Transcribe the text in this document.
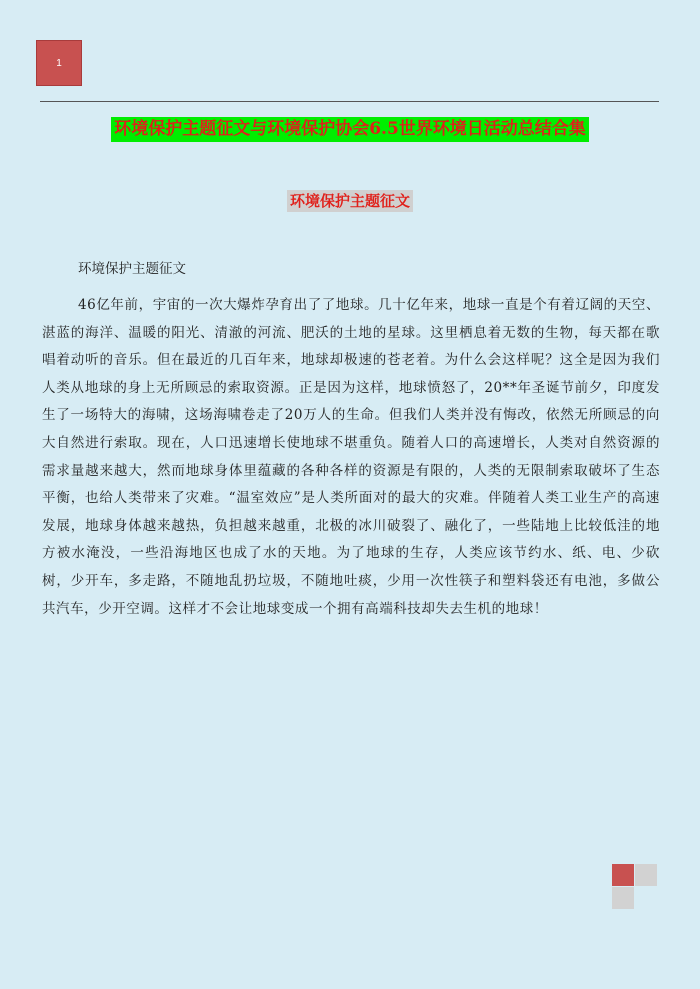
1
环境保护主题征文与环境保护协会6.5世界环境日活动总结合集
环境保护主题征文

环境保护主题征文

46亿年前，宇宙的一次大爆炸孕育出了了地球。几十亿年来，地球一直是个有着辽阔的天空、湛蓝的海洋、温暖的阳光、清澈的河流、肥沃的土地的星球。这里栖息着无数的生物，每天都在歌唱着动听的音乐。但在最近的几百年来，地球却极速的苍老着。为什么会这样呢？这全是因为我们人类从地球的身上无所顾忌的索取资源。正是因为这样，地球愤怒了，20**年圣诞节前夕，印度发生了一场特大的海啸，这场海啸卷走了20万人的生命。但我们人类并没有悔改，依然无所顾忌的向大自然进行索取。现在，人口迅速增长使地球不堪重负。随着人口的高速增长，人类对自然资源的需求量越来越大，然而地球身体里蕴藏的各种各样的资源是有限的，人类的无限制索取破坏了生态平衡，也给人类带来了灾难。“温室效应”是人类所面对的最大的灾难。伴随着人类工业生产的高速发展，地球身体越来越热，负担越来越重，北极的冰川破裂了、融化了，一些陆地上比较低洼的地方被水淹没，一些沿海地区也成了水的天地。为了地球的生存，人类应该节约水、纸、电、少砍树，少开车，多走路，不随地乱扔垃圾，不随地吐痰，少用一次性筷子和塑料袋还有电池，多做公共汽车，少开空调。这样才不会让地球变成一个拥有高端科技却失去生机的地球！
